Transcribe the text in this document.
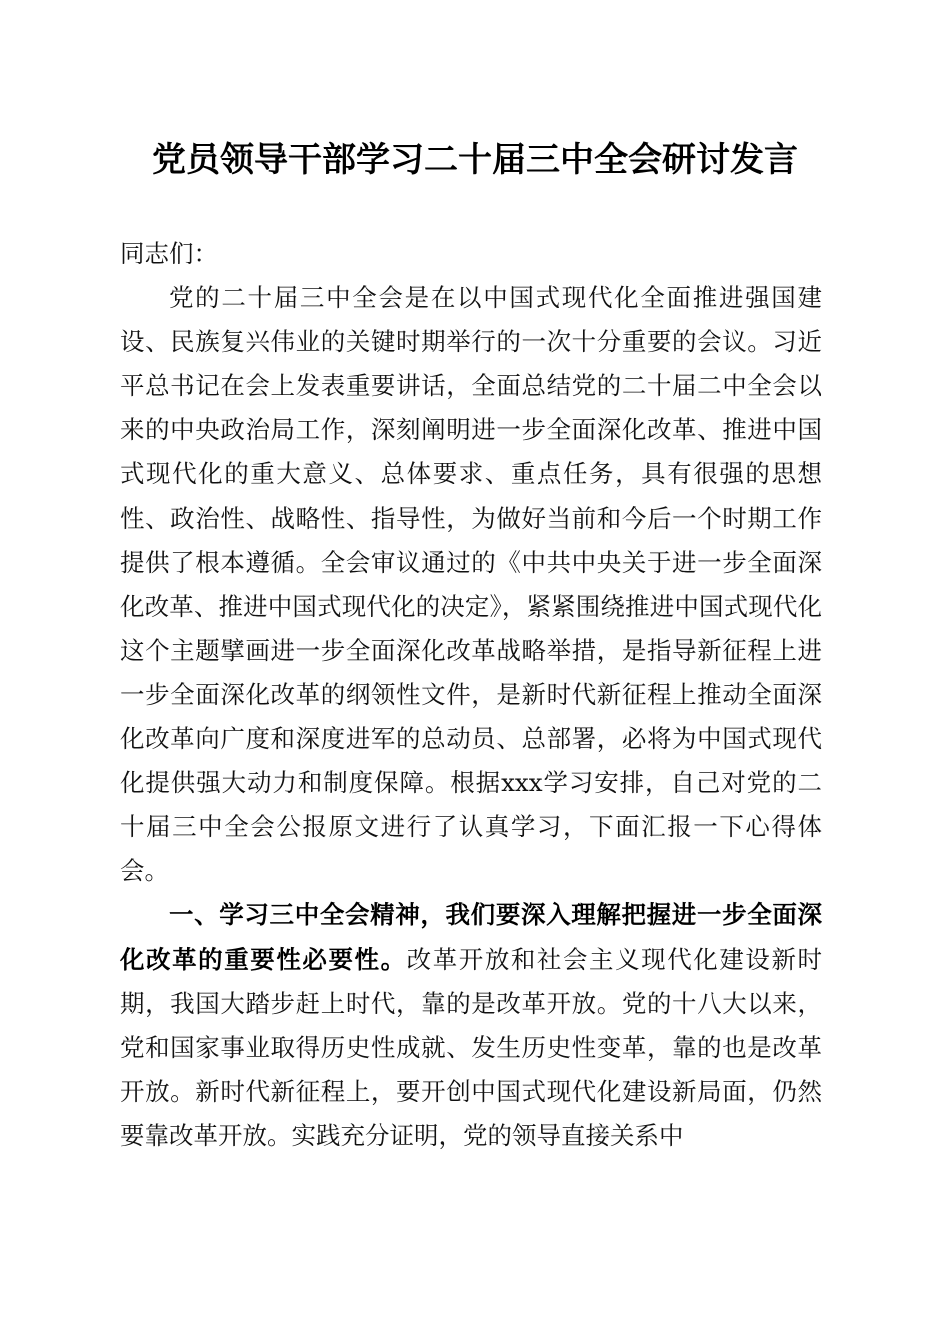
党员领导干部学习二十届三中全会研讨发言

同志们：

党的二十届三中全会是在以中国式现代化全面推进强国建设、民族复兴伟业的关键时期举行的一次十分重要的会议。习近平总书记在会上发表重要讲话，全面总结党的二十届二中全会以来的中央政治局工作，深刻阐明进一步全面深化改革、推进中国式现代化的重大意义、总体要求、重点任务，具有很强的思想性、政治性、战略性、指导性，为做好当前和今后一个时期工作提供了根本遵循。全会审议通过的《中共中央关于进一步全面深化改革、推进中国式现代化的决定》，紧紧围绕推进中国式现代化这个主题擘画进一步全面深化改革战略举措，是指导新征程上进一步全面深化改革的纲领性文件，是新时代新征程上推动全面深化改革向广度和深度进军的总动员、总部署，必将为中国式现代化提供强大动力和制度保障。根据xxx学习安排，自己对党的二十届三中全会公报原文进行了认真学习，下面汇报一下心得体会。

一、学习三中全会精神，我们要深入理解把握进一步全面深化改革的重要性必要性。改革开放和社会主义现代化建设新时期，我国大踏步赶上时代，靠的是改革开放。党的十八大以来，党和国家事业取得历史性成就、发生历史性变革，靠的也是改革开放。新时代新征程上，要开创中国式现代化建设新局面，仍然要靠改革开放。实践充分证明，党的领导直接关系中
